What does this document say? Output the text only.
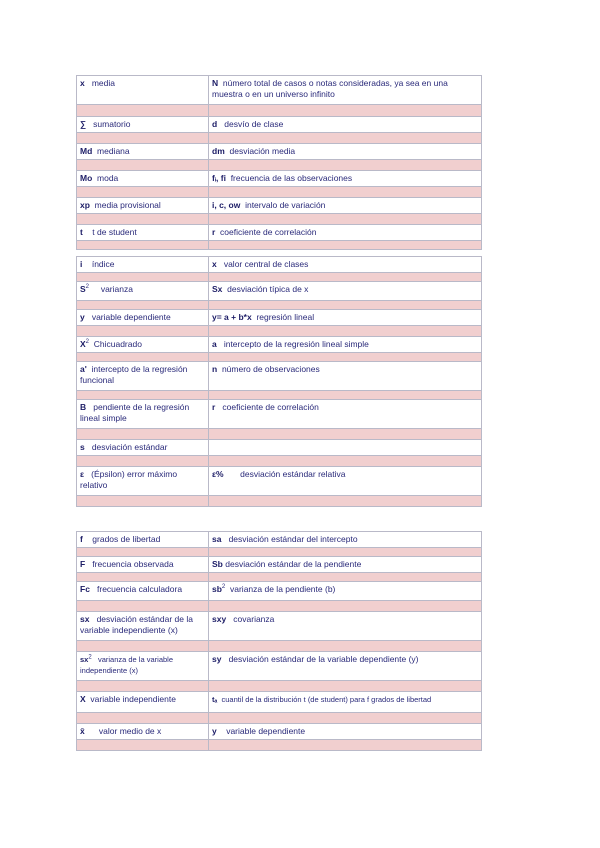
x media	N número total de casos o notas consideradas, ya sea en una muestra o en un universo infinito

∑ sumatorio	d desvío de clase

Md mediana	dm desviación media

Mo moda	fᵢ, fi frecuencia de las observaciones

xp media provisional	i, c, ow intervalo de variación

t t de student	r coeficiente de correlación

i índice	x valor central de clases

$S^2$ varianza	Sx desviación típica de x

y variable dependiente	y= a + b*x regresión lineal

$X^2$ Chicuadrado	a intercepto de la regresión lineal simple

a' intercepto de la regresión funcional	n número de observaciones

B pendiente de la regresión lineal simple	r coeficiente de correlación

s desviación estándar	

ε (Épsilon) error máximo relativo	ε% desviación estándar relativa

f grados de libertad	sa desviación estándar del intercepto

F frecuencia observada	Sb desviación estándar de la pendiente

Fc frecuencia calculadora	$sb^2$ varianza de la pendiente (b)

sx desviación estándar de la variable independiente (x)	sxy covarianza

$sx^2$ varianza de la variable independiente (x)	sy desviación estándar de la variable dependiente (y)

X variable independiente	tₐ cuantil de la distribución t (de student) para f grados de libertad

x̄ valor medio de x	y variable dependiente
